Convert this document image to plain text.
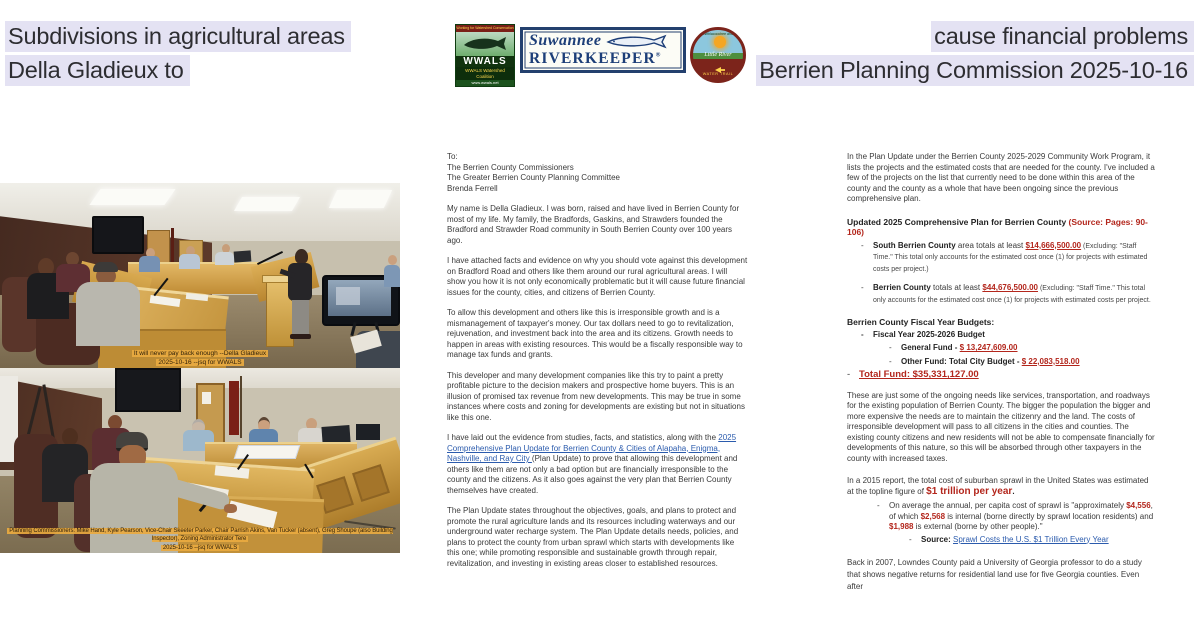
Subdivisions in agricultural areas
Della Gladieux to
cause financial problems
Berrien Planning Commission 2025-10-16
Working for Watershed Conservation
WWALS
WWALS Watershed Coalition
www.wwals.net
Suwannee
RIVERKEEPER®
Withlacoochee and
Little River
WATER TRAIL
It will never pay back enough --Della Gladieux
2025-10-16 --jsq for WWALS
Planning Commissioners: Mike Hand, Kyle Pearson, Vice-Chair Skeeter Parker, Chair Parrish Akins, Van Tucker (absent), Greg Shoupe (also Building Inspector), Zoning Administrator Tere
2025-10-16 --jsq for WWALS
To:
The Berrien County Commissioners
The Greater Berrien County Planning Committee
Brenda Ferrell

My name is Della Gladieux. I was born, raised and have lived in Berrien County for most of my life. My family, the Bradfords, Gaskins, and Strawders founded the Bradford and Strawder Road community in South Berrien County over 100 years ago.

I have attached facts and evidence on why you should vote against this development on Bradford Road and others like them around our rural agricultural areas. I will show you how it is not only economically problematic but it will cause future financial issues for the county, cities, and citizens of Berrien County.

To allow this development and others like this is irresponsible growth and is a mismanagement of taxpayer's money. Our tax dollars need to go to revitalization, rejuvenation, and investment back into the area and its citizens. Growth needs to happen in areas with existing resources. This would be a fiscally responsible way to manage tax funds and grants.

This developer and many development companies like this try to paint a pretty profitable picture to the decision makers and prospective home buyers. This is an illusion of promised tax revenue from new developments. This may be true in some instances where costs and zoning for developments are existing but not in situations like this one.

I have laid out the evidence from studies, facts, and statistics, along with the 2025 Comprehensive Plan Update for Berrien County & Cities of Alapaha, Enigma, Nashville, and Ray City (Plan Update) to prove that allowing this development and others like them are not only a bad option but are financially irresponsible to the county and the citizens. As it also goes against the very plan that Berrien County themselves have created.

The Plan Update states throughout the objectives, goals, and plans to protect and promote the rural agriculture lands and its resources including waterways and our underground water recharge system. The Plan Update details needs, policies, and plans to protect the county from urban sprawl which starts with developments like this one; while promoting responsible and sustainable growth through repair, revitalization, and investing in existing areas closer to established resources.

In the Plan Update under the Berrien County 2025-2029 Community Work Program, it lists the projects and the estimated costs that are needed for the county. I've included a few of the projects on the list that currently need to be done within this area of the county and the county as a whole that have been ongoing since the previous comprehensive plan.

Updated 2025 Comprehensive Plan for Berrien County (Source: Pages: 90-106)
- South Berrien County area totals at least $14,666,500.00 (Excluding: "Staff Time." This total only accounts for the estimated cost once (1) for projects with estimated costs per project.)
- Berrien County totals at least $44,676,500.00 (Excluding: "Staff Time." This total only accounts for the estimated cost once (1) for projects with estimated costs per project.
Berrien County Fiscal Year Budgets:
- Fiscal Year 2025-2026 Budget
- General Fund - $ 13,247,609.00
- Other Fund: Total City Budget - $ 22,083,518.00
- Total Fund: $35,331,127.00

These are just some of the ongoing needs like services, transportation, and roadways for the existing population of Berrien County. The bigger the population the bigger and more expensive the needs are to maintain the citizenry and the land. The costs of irresponsible development will pass to all citizens in the cities and counties. The existing county citizens and new residents will not be able to compensate financially for developments of this nature, so this will be absorbed through other taxpayers in the county with increased taxes.

In a 2015 report, the total cost of suburban sprawl in the United States was estimated at the topline figure of $1 trillion per year.

- On average the annual, per capita cost of sprawl is "approximately $4,556, of which $2,568 is internal (borne directly by sprawl location residents) and $1,988 is external (borne by other people)."
- Source: Sprawl Costs the U.S. $1 Trillion Every Year

Back in 2007, Lowndes County paid a University of Georgia professor to do a study that shows negative returns for residential land use for five Georgia counties. Even after
